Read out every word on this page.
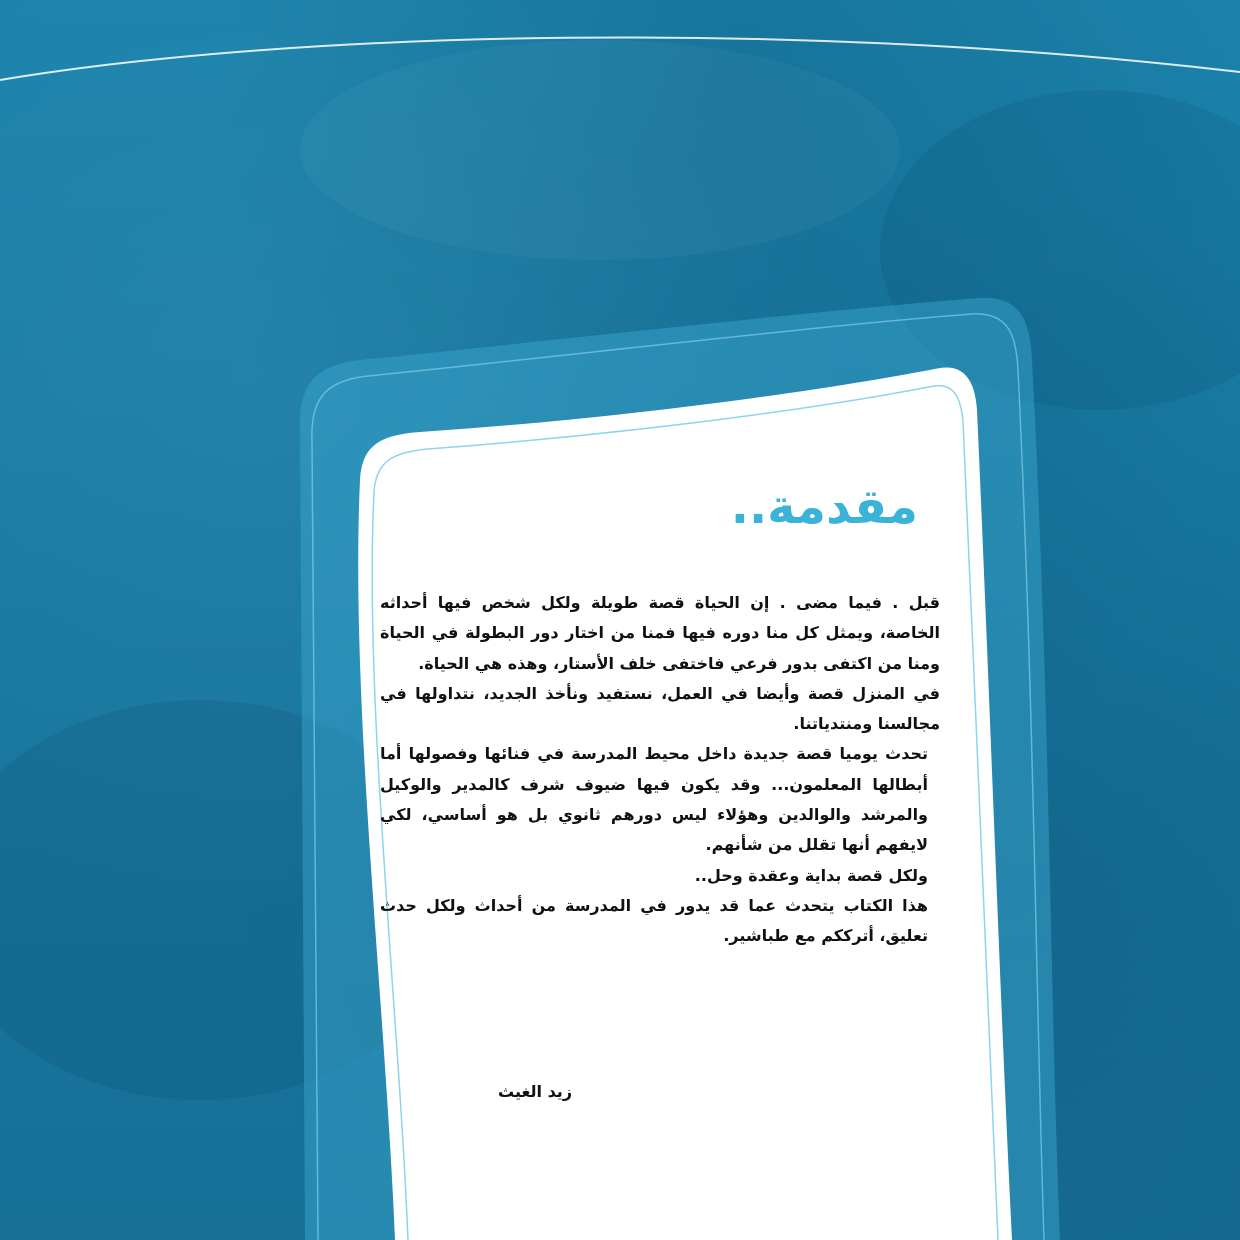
مقدمة..

قبل . فيما مضى . إن الحياة قصة طويلة ولكل شخص فيها أحداثه الخاصة، ويمثل كل منا دوره فيها فمنا من اختار دور البطولة في الحياة ومنا من اكتفى بدور فرعي فاختفى خلف الأستار، وهذه هي الحياة.

في المنزل قصة وأيضا في العمل، نستفيد ونأخذ الجديد، نتداولها في مجالسنا ومنتدياتنا.

تحدث يوميا قصة جديدة داخل محيط المدرسة في فنائها وفصولها أما أبطالها المعلمون... وقد يكون فيها ضيوف شرف كالمدير والوكيل والمرشد والوالدين وهؤلاء ليس دورهم ثانوي بل هو أساسي، لكي لايفهم أنها تقلل من شأنهم.

ولكل قصة بداية وعقدة وحل..

هذا الكتاب يتحدث عما قد يدور في المدرسة من أحداث ولكل حدث تعليق، أترككم مع طباشير.

زيد الغيث
